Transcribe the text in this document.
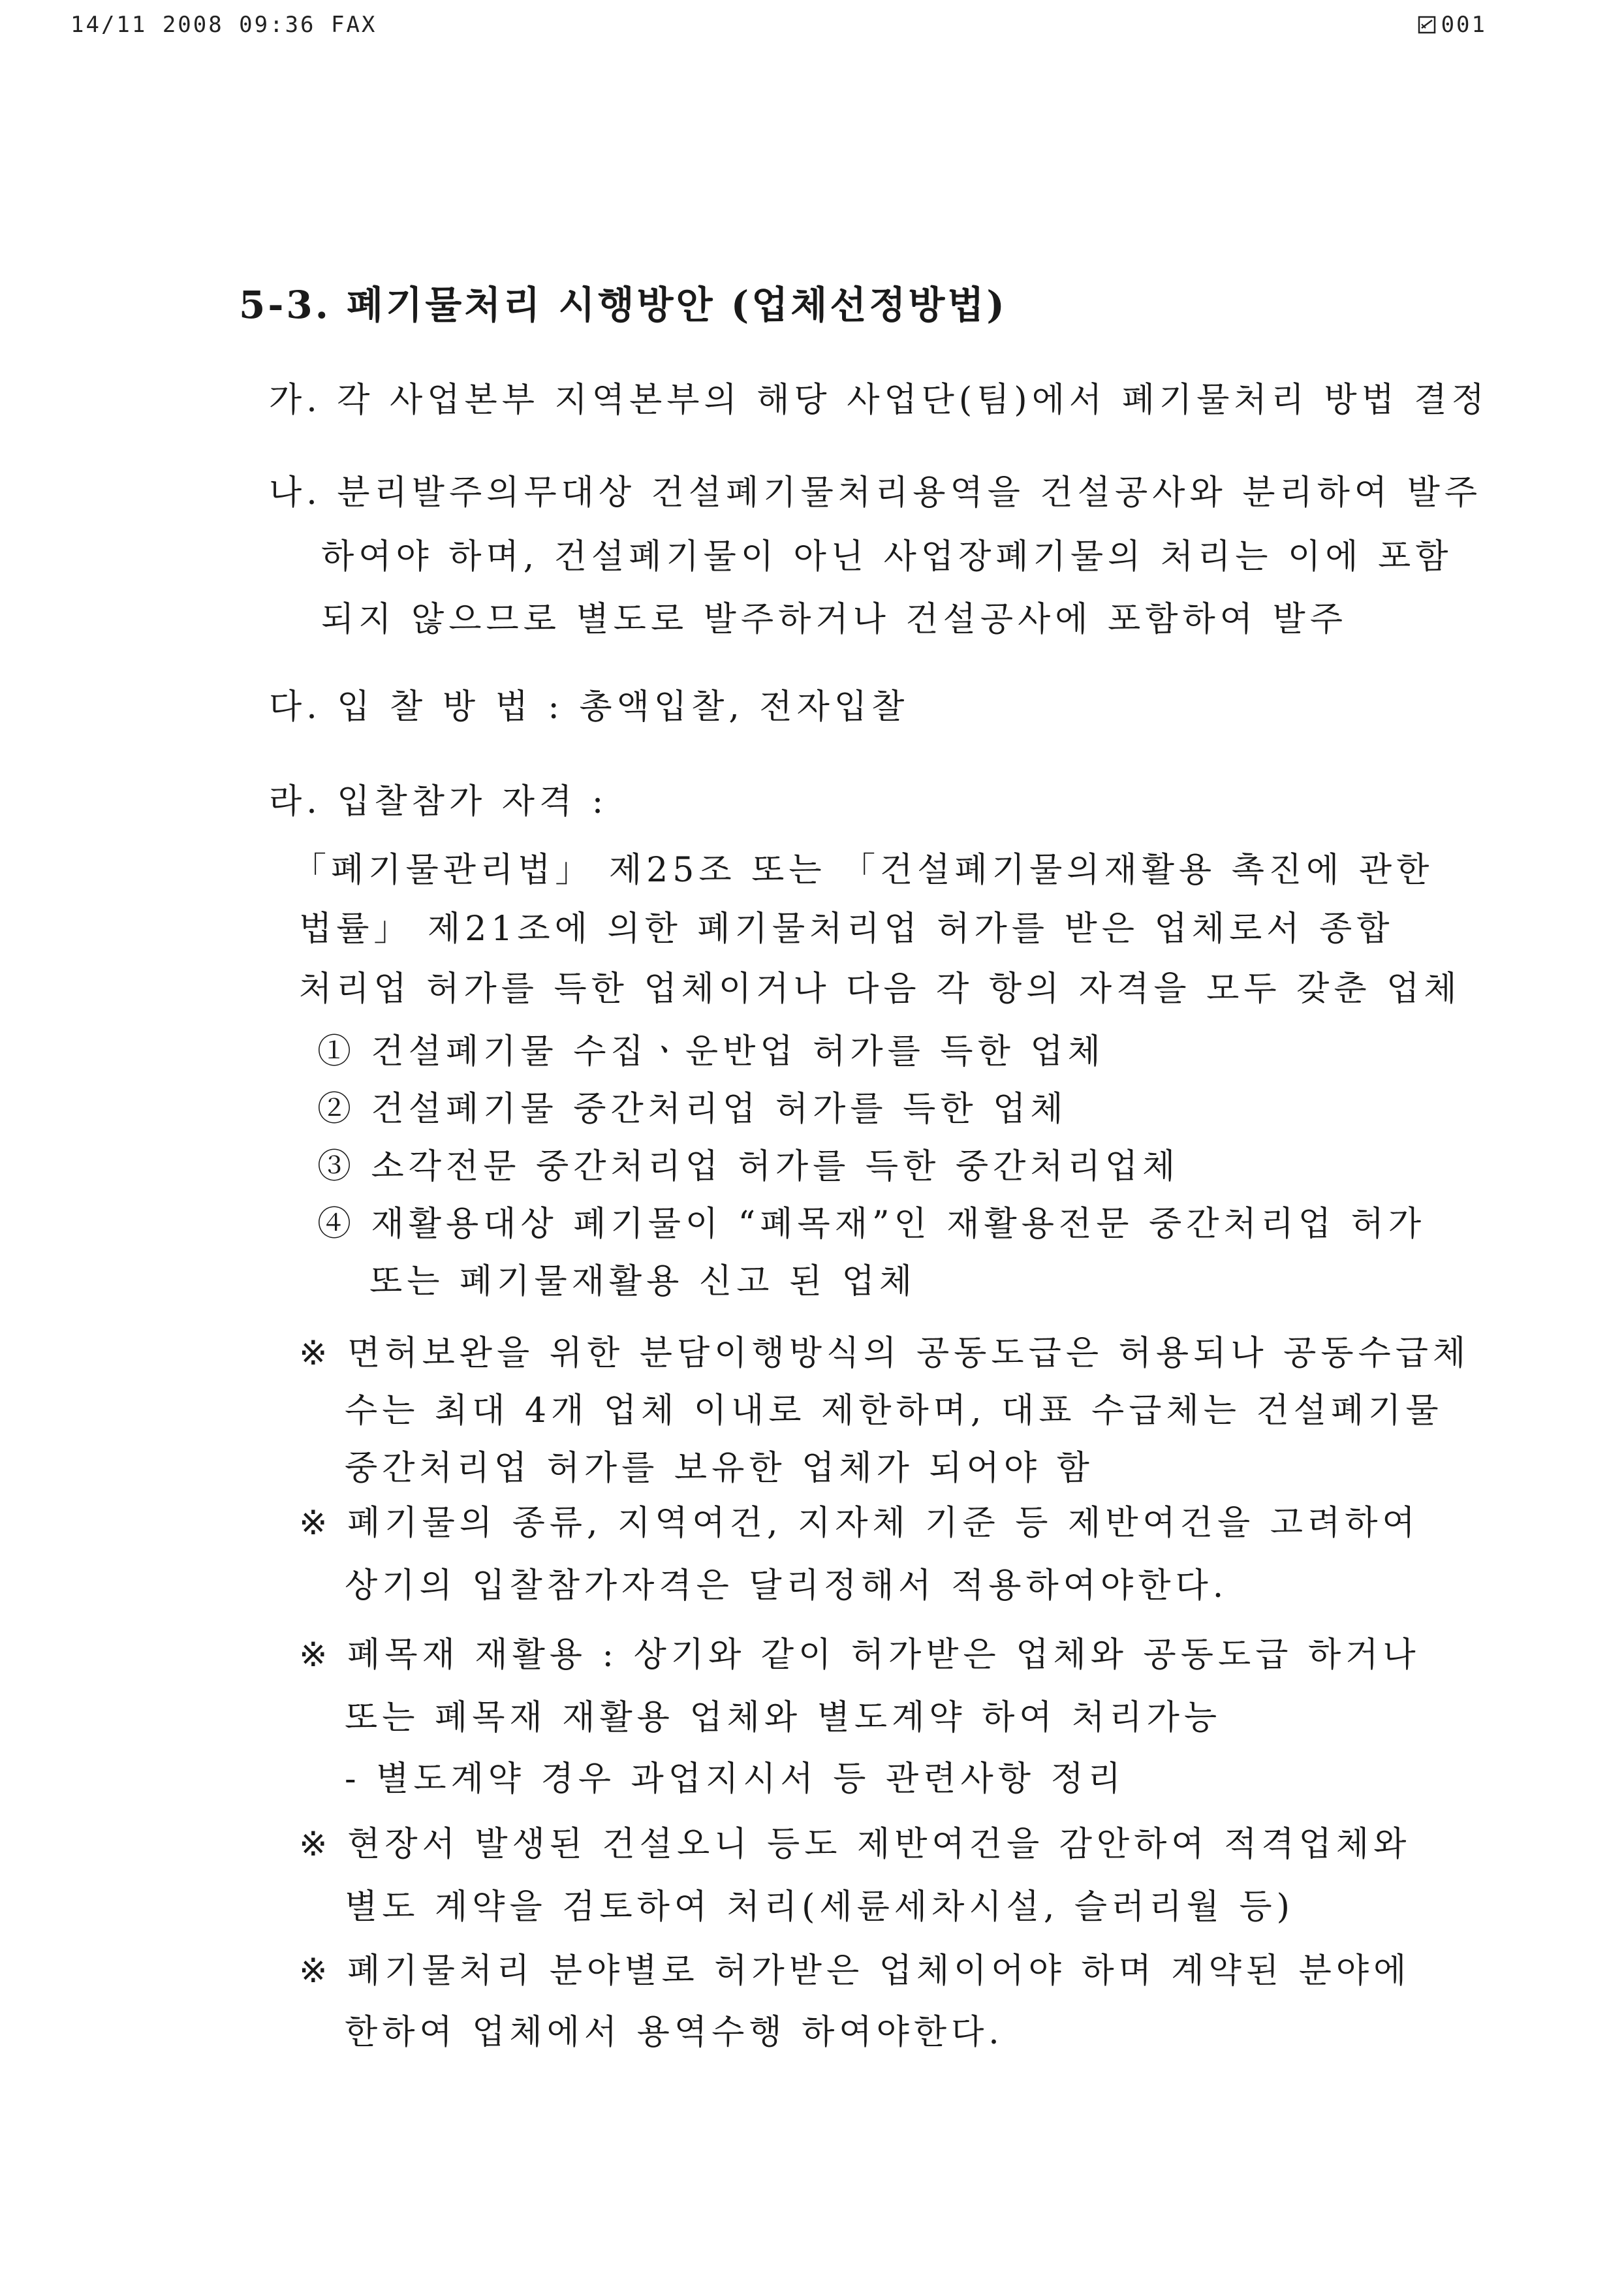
14/11 2008 09:36 FAX	001
5-3. 폐기물처리 시행방안 (업체선정방법)
가. 각 사업본부 지역본부의 해당 사업단(팀)에서 폐기물처리 방법 결정
나. 분리발주의무대상 건설폐기물처리용역을 건설공사와 분리하여 발주
하여야 하며, 건설폐기물이 아닌 사업장폐기물의 처리는 이에 포함
되지 않으므로 별도로 발주하거나 건설공사에 포함하여 발주
다. 입 찰 방 법 : 총액입찰, 전자입찰
라. 입찰참가 자격 :
「폐기물관리법」 제25조 또는 「건설폐기물의재활용 촉진에 관한
법률」 제21조에 의한 폐기물처리업 허가를 받은 업체로서 종합
처리업 허가를 득한 업체이거나 다음 각 항의 자격을 모두 갖춘 업체
① 건설폐기물 수집ㆍ운반업 허가를 득한 업체
② 건설폐기물 중간처리업 허가를 득한 업체
③ 소각전문 중간처리업 허가를 득한 중간처리업체
④ 재활용대상 폐기물이 “폐목재”인 재활용전문 중간처리업 허가
또는 폐기물재활용 신고 된 업체
※ 면허보완을 위한 분담이행방식의 공동도급은 허용되나 공동수급체
수는 최대 4개 업체 이내로 제한하며, 대표 수급체는 건설폐기물
중간처리업 허가를 보유한 업체가 되어야 함
※ 폐기물의 종류, 지역여건, 지자체 기준 등 제반여건을 고려하여
상기의 입찰참가자격은 달리정해서 적용하여야한다.
※ 폐목재 재활용 : 상기와 같이 허가받은 업체와 공동도급 하거나
또는 폐목재 재활용 업체와 별도계약 하여 처리가능
- 별도계약 경우 과업지시서 등 관련사항 정리
※ 현장서 발생된 건설오니 등도 제반여건을 감안하여 적격업체와
별도 계약을 검토하여 처리(세륜세차시설, 슬러리월 등)
※ 폐기물처리 분야별로 허가받은 업체이어야 하며 계약된 분야에
한하여 업체에서 용역수행 하여야한다.
